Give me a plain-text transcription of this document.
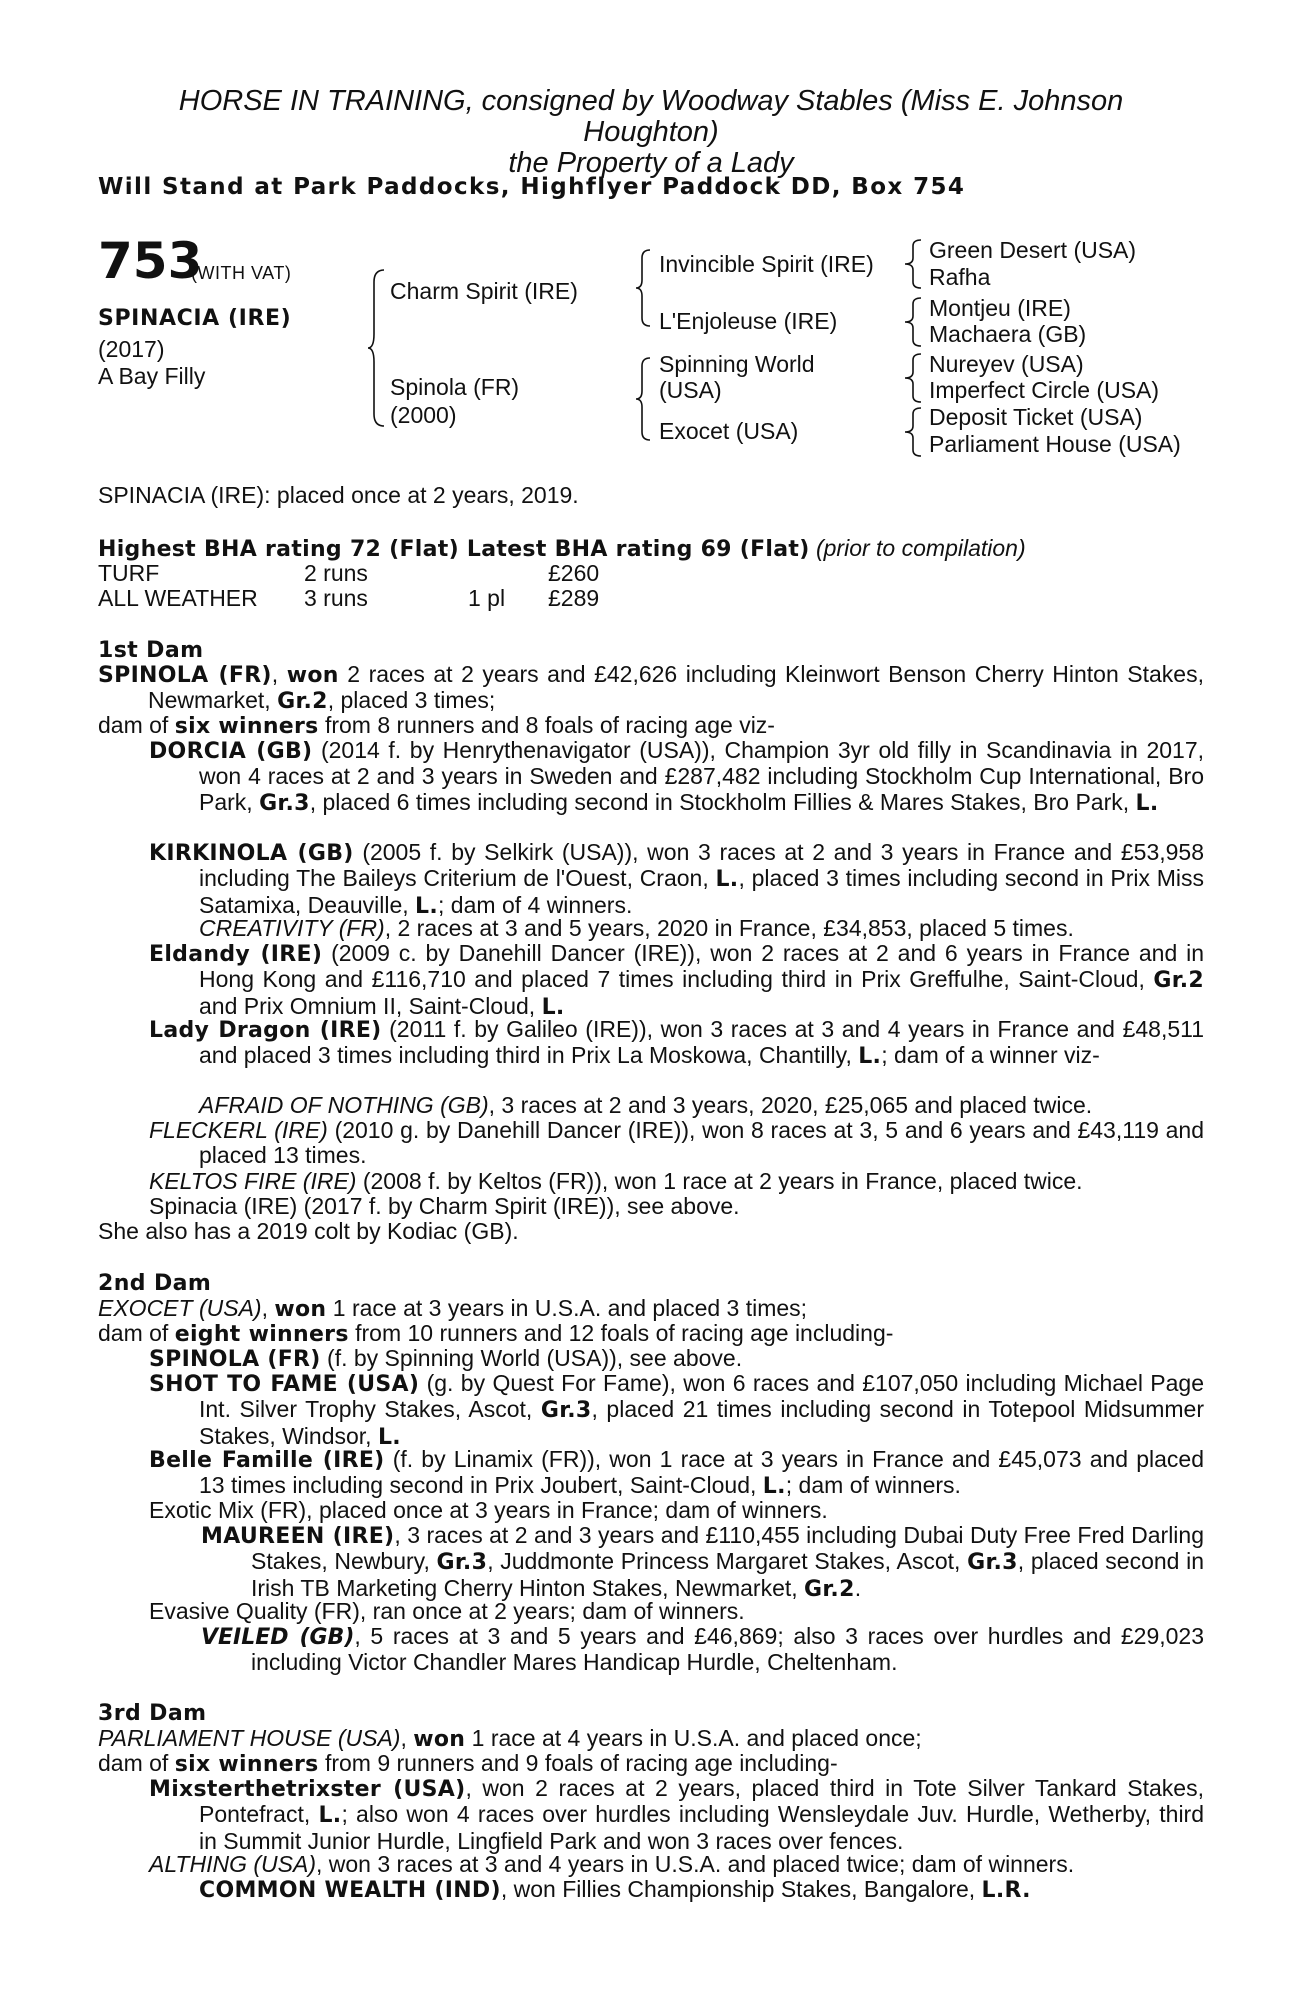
HORSE IN TRAINING, consigned by Woodway Stables (Miss E. Johnson

Houghton)

the Property of a Lady

Will Stand at Park Paddocks, Highflyer Paddock DD, Box 754

753
(WITH VAT)
SPINACIA (IRE)
(2017)
A Bay Filly
Charm Spirit (IRE)
Spinola (FR)
(2000)
Invincible Spirit (IRE)
L'Enjoleuse (IRE)
Spinning World
(USA)
Exocet (USA)
Green Desert (USA)
Rafha
Montjeu (IRE)
Machaera (GB)
Nureyev (USA)
Imperfect Circle (USA)
Deposit Ticket (USA)
Parliament House (USA)
SPINACIA (IRE): placed once at 2 years, 2019.
Highest BHA rating 72 (Flat) Latest BHA rating 69 (Flat) (prior to compilation)
TURF	2 runs	£260
ALL WEATHER 3 runs	1 pl £289
1st Dam
SPINOLA (FR), won 2 races at 2 years and £42,626 including Kleinwort Benson Cherry Hinton Stakes, Newmarket, Gr.2, placed 3 times;
dam of six winners from 8 runners and 8 foals of racing age viz-
DORCIA (GB) (2014 f. by Henrythenavigator (USA)), Champion 3yr old filly in Scandinavia in 2017, won 4 races at 2 and 3 years in Sweden and £287,482 including Stockholm Cup International, Bro Park, Gr.3, placed 6 times including second in Stockholm Fillies & Mares Stakes, Bro Park, L.
KIRKINOLA (GB) (2005 f. by Selkirk (USA)), won 3 races at 2 and 3 years in France and £53,958 including The Baileys Criterium de l'Ouest, Craon, L., placed 3 times including second in Prix Miss Satamixa, Deauville, L.; dam of 4 winners.
CREATIVITY (FR), 2 races at 3 and 5 years, 2020 in France, £34,853, placed 5 times.
Eldandy (IRE) (2009 c. by Danehill Dancer (IRE)), won 2 races at 2 and 6 years in France and in Hong Kong and £116,710 and placed 7 times including third in Prix Greffulhe, Saint-Cloud, Gr.2 and Prix Omnium II, Saint-Cloud, L.
Lady Dragon (IRE) (2011 f. by Galileo (IRE)), won 3 races at 3 and 4 years in France and £48,511 and placed 3 times including third in Prix La Moskowa, Chantilly, L.; dam of a winner viz-
AFRAID OF NOTHING (GB), 3 races at 2 and 3 years, 2020, £25,065 and placed twice.
FLECKERL (IRE) (2010 g. by Danehill Dancer (IRE)), won 8 races at 3, 5 and 6 years and £43,119 and placed 13 times.
KELTOS FIRE (IRE) (2008 f. by Keltos (FR)), won 1 race at 2 years in France, placed twice.
Spinacia (IRE) (2017 f. by Charm Spirit (IRE)), see above.
She also has a 2019 colt by Kodiac (GB).
2nd Dam
EXOCET (USA), won 1 race at 3 years in U.S.A. and placed 3 times;
dam of eight winners from 10 runners and 12 foals of racing age including-
SPINOLA (FR) (f. by Spinning World (USA)), see above.
SHOT TO FAME (USA) (g. by Quest For Fame), won 6 races and £107,050 including Michael Page Int. Silver Trophy Stakes, Ascot, Gr.3, placed 21 times including second in Totepool Midsummer Stakes, Windsor, L.
Belle Famille (IRE) (f. by Linamix (FR)), won 1 race at 3 years in France and £45,073 and placed 13 times including second in Prix Joubert, Saint-Cloud, L.; dam of winners.
Exotic Mix (FR), placed once at 3 years in France; dam of winners.
MAUREEN (IRE), 3 races at 2 and 3 years and £110,455 including Dubai Duty Free Fred Darling Stakes, Newbury, Gr.3, Juddmonte Princess Margaret Stakes, Ascot, Gr.3, placed second in Irish TB Marketing Cherry Hinton Stakes, Newmarket, Gr.2.
Evasive Quality (FR), ran once at 2 years; dam of winners.
VEILED (GB), 5 races at 3 and 5 years and £46,869; also 3 races over hurdles and £29,023 including Victor Chandler Mares Handicap Hurdle, Cheltenham.
3rd Dam
PARLIAMENT HOUSE (USA), won 1 race at 4 years in U.S.A. and placed once;
dam of six winners from 9 runners and 9 foals of racing age including-
Mixsterthetrixster (USA), won 2 races at 2 years, placed third in Tote Silver Tankard Stakes, Pontefract, L.; also won 4 races over hurdles including Wensleydale Juv. Hurdle, Wetherby, third in Summit Junior Hurdle, Lingfield Park and won 3 races over fences.
ALTHING (USA), won 3 races at 3 and 4 years in U.S.A. and placed twice; dam of winners.
COMMON WEALTH (IND), won Fillies Championship Stakes, Bangalore, L.R.
